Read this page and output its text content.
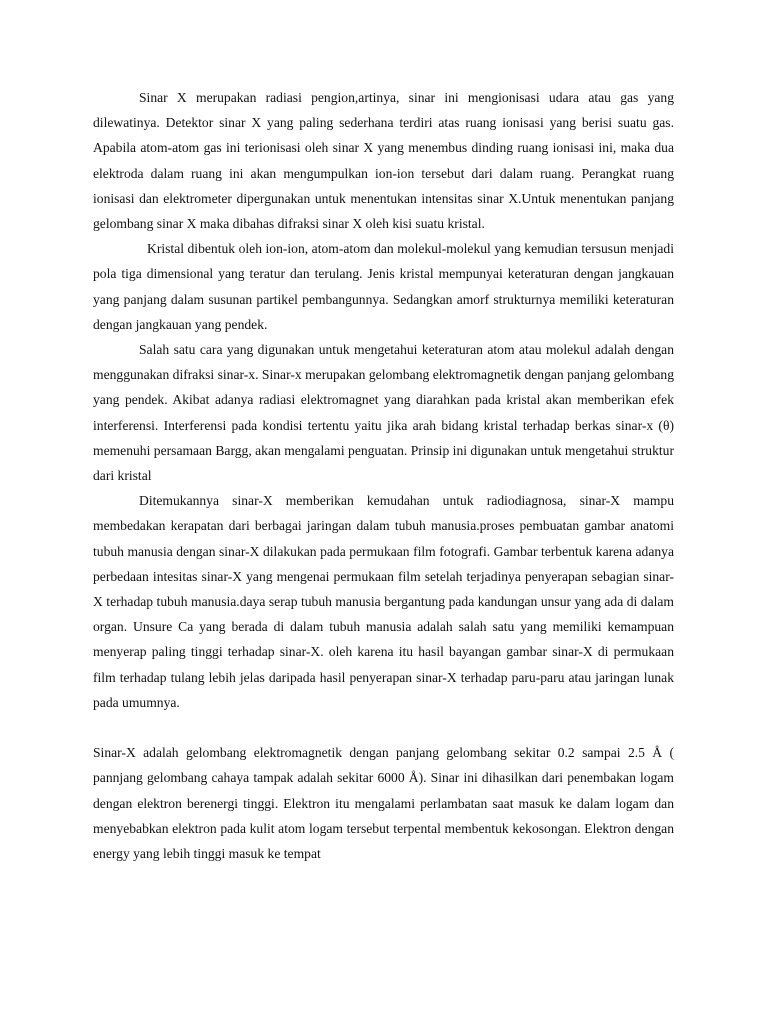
Sinar X merupakan radiasi pengion,artinya, sinar ini mengionisasi udara atau gas yang dilewatinya. Detektor sinar X yang paling sederhana terdiri atas ruang ionisasi yang berisi suatu gas. Apabila atom-atom gas ini terionisasi oleh sinar X yang menembus dinding ruang ionisasi ini, maka dua elektroda dalam ruang ini akan mengumpulkan ion-ion tersebut dari dalam ruang. Perangkat ruang ionisasi dan elektrometer dipergunakan untuk menentukan intensitas sinar X.Untuk menentukan panjang gelombang sinar X maka dibahas difraksi sinar X oleh kisi suatu kristal.

Kristal dibentuk oleh ion-ion, atom-atom dan molekul-molekul yang kemudian tersusun menjadi pola tiga dimensional yang teratur dan terulang. Jenis kristal mempunyai keteraturan dengan jangkauan yang panjang dalam susunan partikel pembangunnya. Sedangkan amorf strukturnya memiliki keteraturan dengan jangkauan yang pendek.

Salah satu cara yang digunakan untuk mengetahui keteraturan atom atau molekul adalah dengan menggunakan difraksi sinar-x. Sinar-x merupakan gelombang elektromagnetik dengan panjang gelombang yang pendek. Akibat adanya radiasi elektromagnet yang diarahkan pada kristal akan memberikan efek interferensi. Interferensi pada kondisi tertentu yaitu jika arah bidang kristal terhadap berkas sinar-x (θ) memenuhi persamaan Bargg, akan mengalami penguatan. Prinsip ini digunakan untuk mengetahui struktur dari kristal

Ditemukannya sinar-X memberikan kemudahan untuk radiodiagnosa, sinar-X mampu membedakan kerapatan dari berbagai jaringan dalam tubuh manusia.proses pembuatan gambar anatomi tubuh manusia dengan sinar-X dilakukan pada permukaan film fotografi. Gambar terbentuk karena adanya perbedaan intesitas sinar-X yang mengenai permukaan film setelah terjadinya penyerapan sebagian sinar-X terhadap tubuh manusia.daya serap tubuh manusia bergantung pada kandungan unsur yang ada di dalam organ. Unsure Ca yang berada di dalam tubuh manusia adalah salah satu yang memiliki kemampuan menyerap paling tinggi terhadap sinar-X. oleh karena itu hasil bayangan gambar sinar-X di permukaan film terhadap tulang lebih jelas daripada hasil penyerapan sinar-X terhadap paru-paru atau jaringan lunak pada umumnya.

Sinar-X adalah gelombang elektromagnetik dengan panjang gelombang sekitar 0.2 sampai 2.5 Å ( pannjang gelombang cahaya tampak adalah sekitar 6000 Å). Sinar ini dihasilkan dari penembakan logam dengan elektron berenergi tinggi. Elektron itu mengalami perlambatan saat masuk ke dalam logam dan menyebabkan elektron pada kulit atom logam tersebut terpental membentuk kekosongan. Elektron dengan energy yang lebih tinggi masuk ke tempat
